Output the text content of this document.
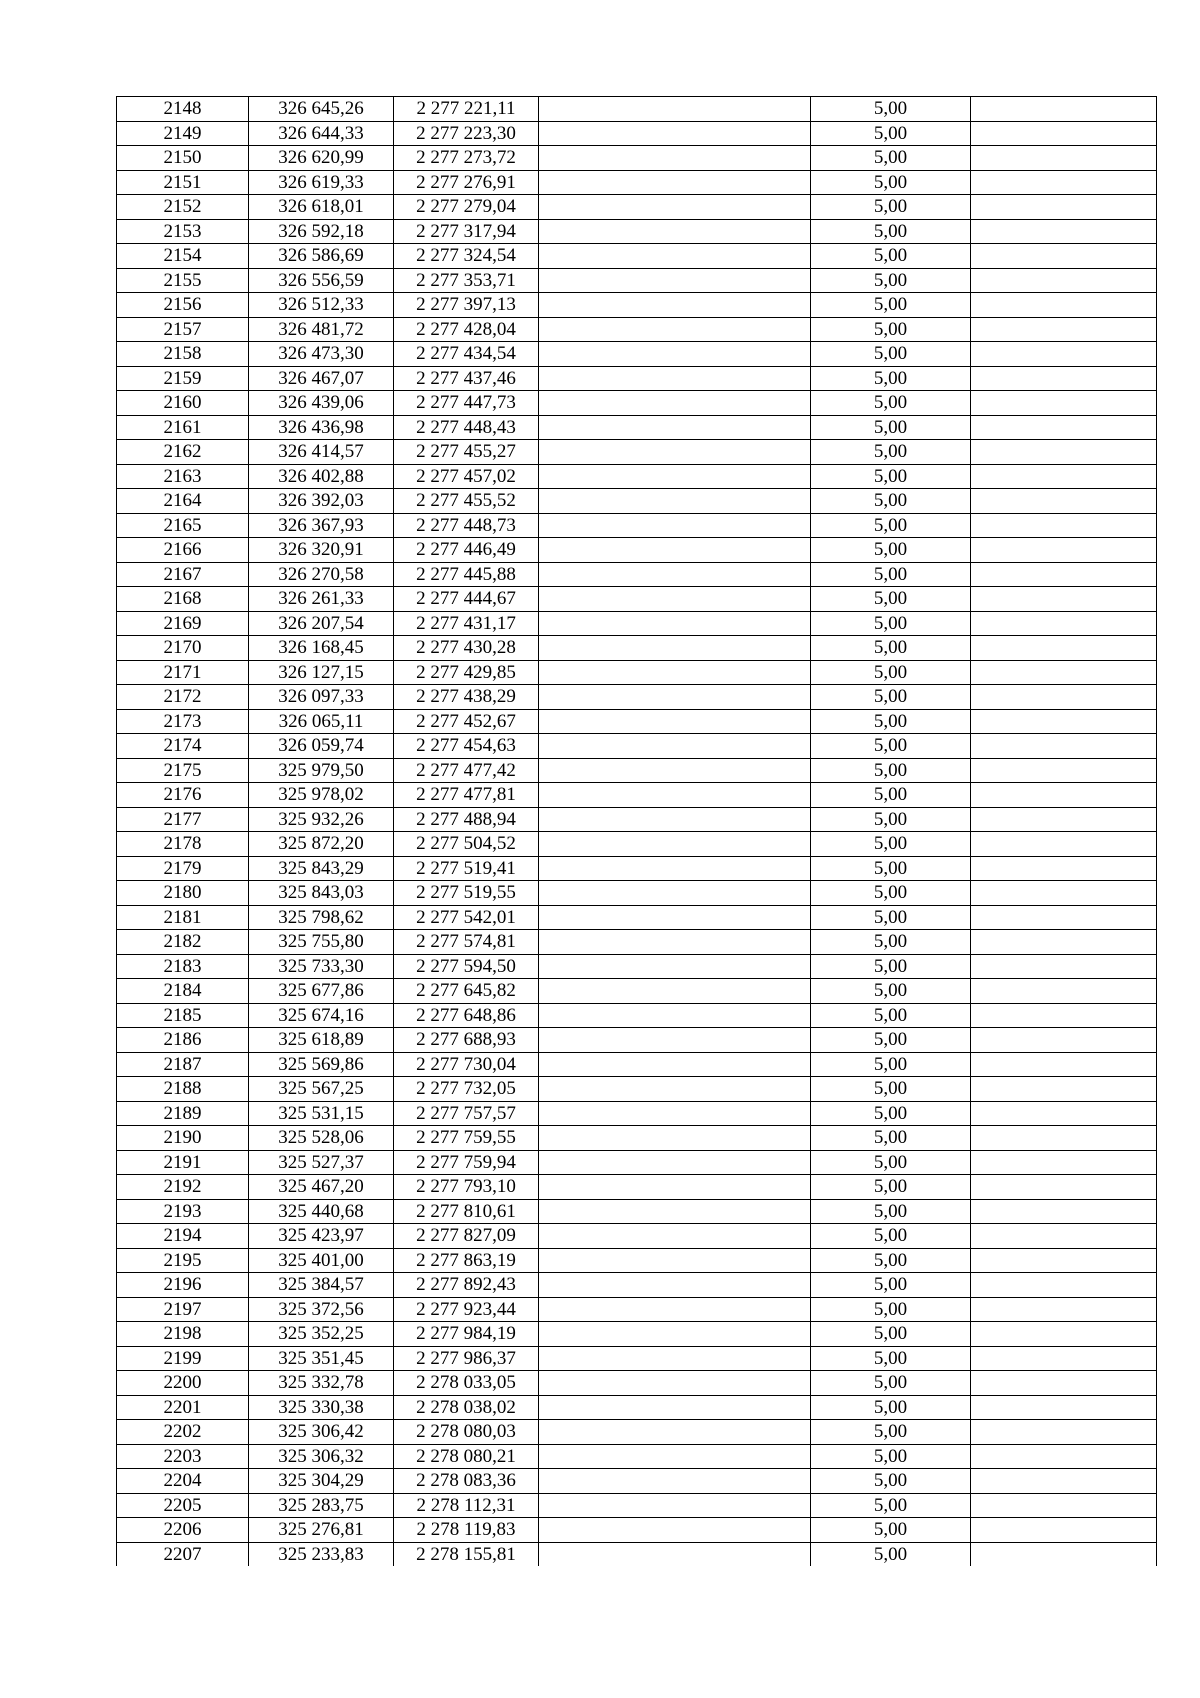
2148	326 645,26	2 277 221,11		5,00	
2149	326 644,33	2 277 223,30		5,00	
2150	326 620,99	2 277 273,72		5,00	
2151	326 619,33	2 277 276,91		5,00	
2152	326 618,01	2 277 279,04		5,00	
2153	326 592,18	2 277 317,94		5,00	
2154	326 586,69	2 277 324,54		5,00	
2155	326 556,59	2 277 353,71		5,00	
2156	326 512,33	2 277 397,13		5,00	
2157	326 481,72	2 277 428,04		5,00	
2158	326 473,30	2 277 434,54		5,00	
2159	326 467,07	2 277 437,46		5,00	
2160	326 439,06	2 277 447,73		5,00	
2161	326 436,98	2 277 448,43		5,00	
2162	326 414,57	2 277 455,27		5,00	
2163	326 402,88	2 277 457,02		5,00	
2164	326 392,03	2 277 455,52		5,00	
2165	326 367,93	2 277 448,73		5,00	
2166	326 320,91	2 277 446,49		5,00	
2167	326 270,58	2 277 445,88		5,00	
2168	326 261,33	2 277 444,67		5,00	
2169	326 207,54	2 277 431,17		5,00	
2170	326 168,45	2 277 430,28		5,00	
2171	326 127,15	2 277 429,85		5,00	
2172	326 097,33	2 277 438,29		5,00	
2173	326 065,11	2 277 452,67		5,00	
2174	326 059,74	2 277 454,63		5,00	
2175	325 979,50	2 277 477,42		5,00	
2176	325 978,02	2 277 477,81		5,00	
2177	325 932,26	2 277 488,94		5,00	
2178	325 872,20	2 277 504,52		5,00	
2179	325 843,29	2 277 519,41		5,00	
2180	325 843,03	2 277 519,55		5,00	
2181	325 798,62	2 277 542,01		5,00	
2182	325 755,80	2 277 574,81		5,00	
2183	325 733,30	2 277 594,50		5,00	
2184	325 677,86	2 277 645,82		5,00	
2185	325 674,16	2 277 648,86		5,00	
2186	325 618,89	2 277 688,93		5,00	
2187	325 569,86	2 277 730,04		5,00	
2188	325 567,25	2 277 732,05		5,00	
2189	325 531,15	2 277 757,57		5,00	
2190	325 528,06	2 277 759,55		5,00	
2191	325 527,37	2 277 759,94		5,00	
2192	325 467,20	2 277 793,10		5,00	
2193	325 440,68	2 277 810,61		5,00	
2194	325 423,97	2 277 827,09		5,00	
2195	325 401,00	2 277 863,19		5,00	
2196	325 384,57	2 277 892,43		5,00	
2197	325 372,56	2 277 923,44		5,00	
2198	325 352,25	2 277 984,19		5,00	
2199	325 351,45	2 277 986,37		5,00	
2200	325 332,78	2 278 033,05		5,00	
2201	325 330,38	2 278 038,02		5,00	
2202	325 306,42	2 278 080,03		5,00	
2203	325 306,32	2 278 080,21		5,00	
2204	325 304,29	2 278 083,36		5,00	
2205	325 283,75	2 278 112,31		5,00	
2206	325 276,81	2 278 119,83		5,00	
2207	325 233,83	2 278 155,81		5,00	
